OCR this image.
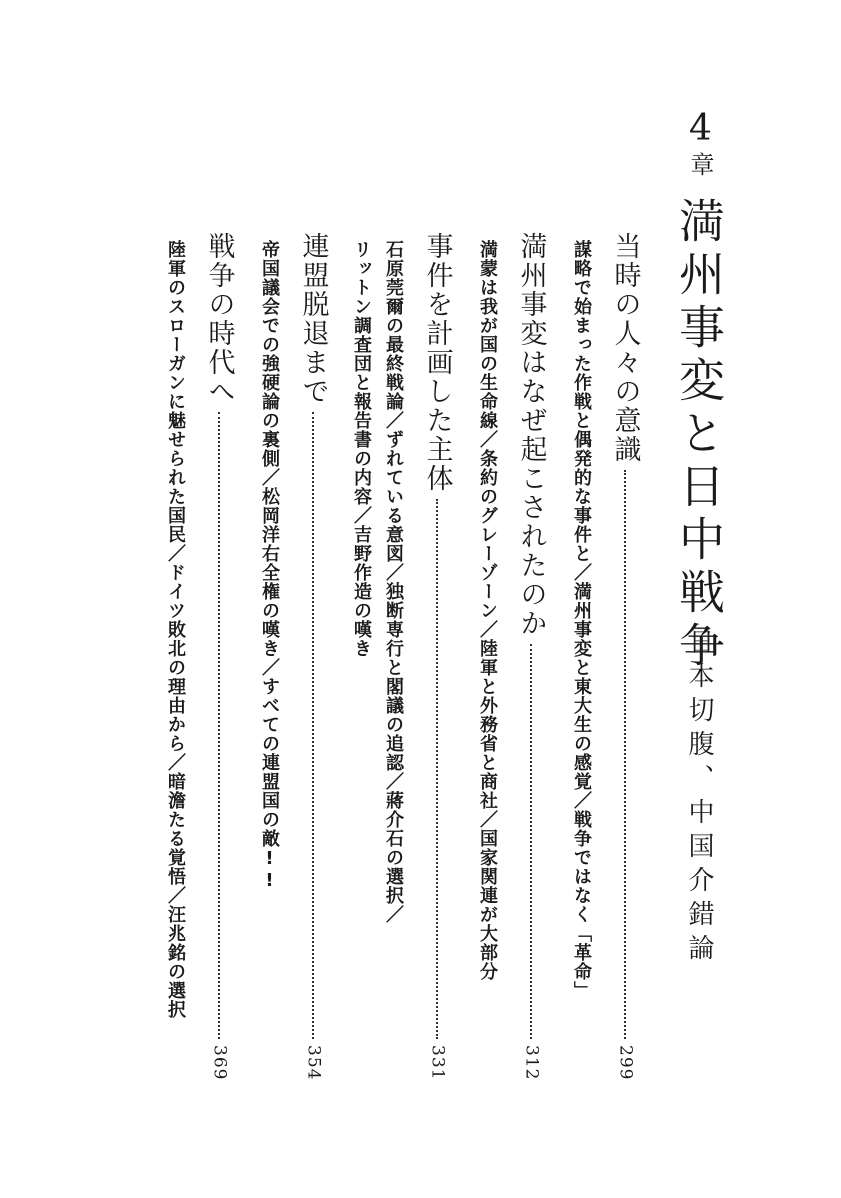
4
章
満州事変と日中戦争
日本切腹、中国介錯論
当時の人々の意識
299
謀略で始まった作戦と偶発的な事件と／満州事変と東大生の感覚／戦争ではなく「革命」
満州事変はなぜ起こされたのか
312
満蒙は我が国の生命線／条約のグレーゾーン／陸軍と外務省と商社／国家関連が大部分
事件を計画した主体
331
石原莞爾の最終戦論／ずれている意図／独断専行と閣議の追認／蔣介石の選択／
リットン調査団と報告書の内容／吉野作造の嘆き
連盟脱退まで
354
帝国議会での強硬論の裏側／松岡洋右全権の嘆き／すべての連盟国の敵!!
戦争の時代へ
369
陸軍のスローガンに魅せられた国民／ドイツ敗北の理由から／暗澹たる覚悟／汪兆銘の選択
